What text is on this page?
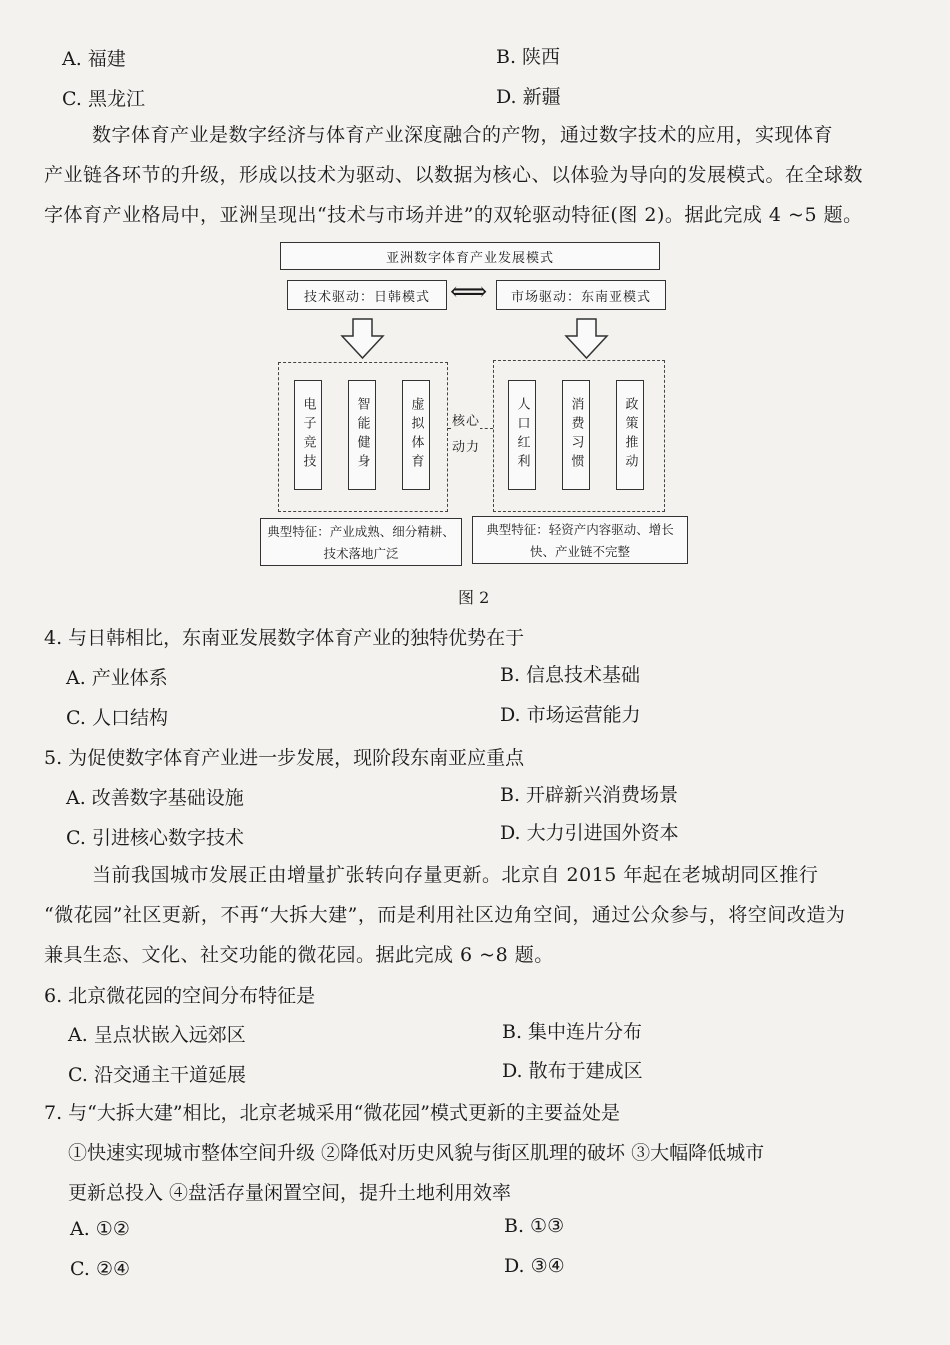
A. 福建	B. 陕西
C. 黑龙江	D. 新疆
数字体育产业是数字经济与体育产业深度融合的产物，通过数字技术的应用，实现体育
产业链各环节的升级，形成以技术为驱动、以数据为核心、以体验为导向的发展模式。在全球数
字体育产业格局中，亚洲呈现出“技术与市场并进”的双轮驱动特征(图 2)。据此完成 4 ~5 题。
亚洲数字体育产业发展模式
技术驱动：日韩模式 ⟺	市场驱动：东南亚模式
电子竞技	智能健身	虚拟体育	核心
动力	人口红利	消费习惯	政策推动
典型特征：产业成熟、细分精耕、技术落地广泛
典型特征：轻资产内容驱动、增长快、产业链不完整
图 2
4. 与日韩相比，东南亚发展数字体育产业的独特优势在于
A. 产业体系	B. 信息技术基础
C. 人口结构	D. 市场运营能力
5. 为促使数字体育产业进一步发展，现阶段东南亚应重点
A. 改善数字基础设施	B. 开辟新兴消费场景
C. 引进核心数字技术	D. 大力引进国外资本
当前我国城市发展正由增量扩张转向存量更新。北京自 2015 年起在老城胡同区推行
“微花园”社区更新，不再“大拆大建”，而是利用社区边角空间，通过公众参与，将空间改造为
兼具生态、文化、社交功能的微花园。据此完成 6 ~8 题。
6. 北京微花园的空间分布特征是
A. 呈点状嵌入远郊区	B. 集中连片分布
C. 沿交通主干道延展	D. 散布于建成区
7. 与“大拆大建”相比，北京老城采用“微花园”模式更新的主要益处是
①快速实现城市整体空间升级 ②降低对历史风貌与街区肌理的破坏 ③大幅降低城市
更新总投入 ④盘活存量闲置空间，提升土地利用效率
A. ①②	B. ①③
C. ②④	D. ③④
